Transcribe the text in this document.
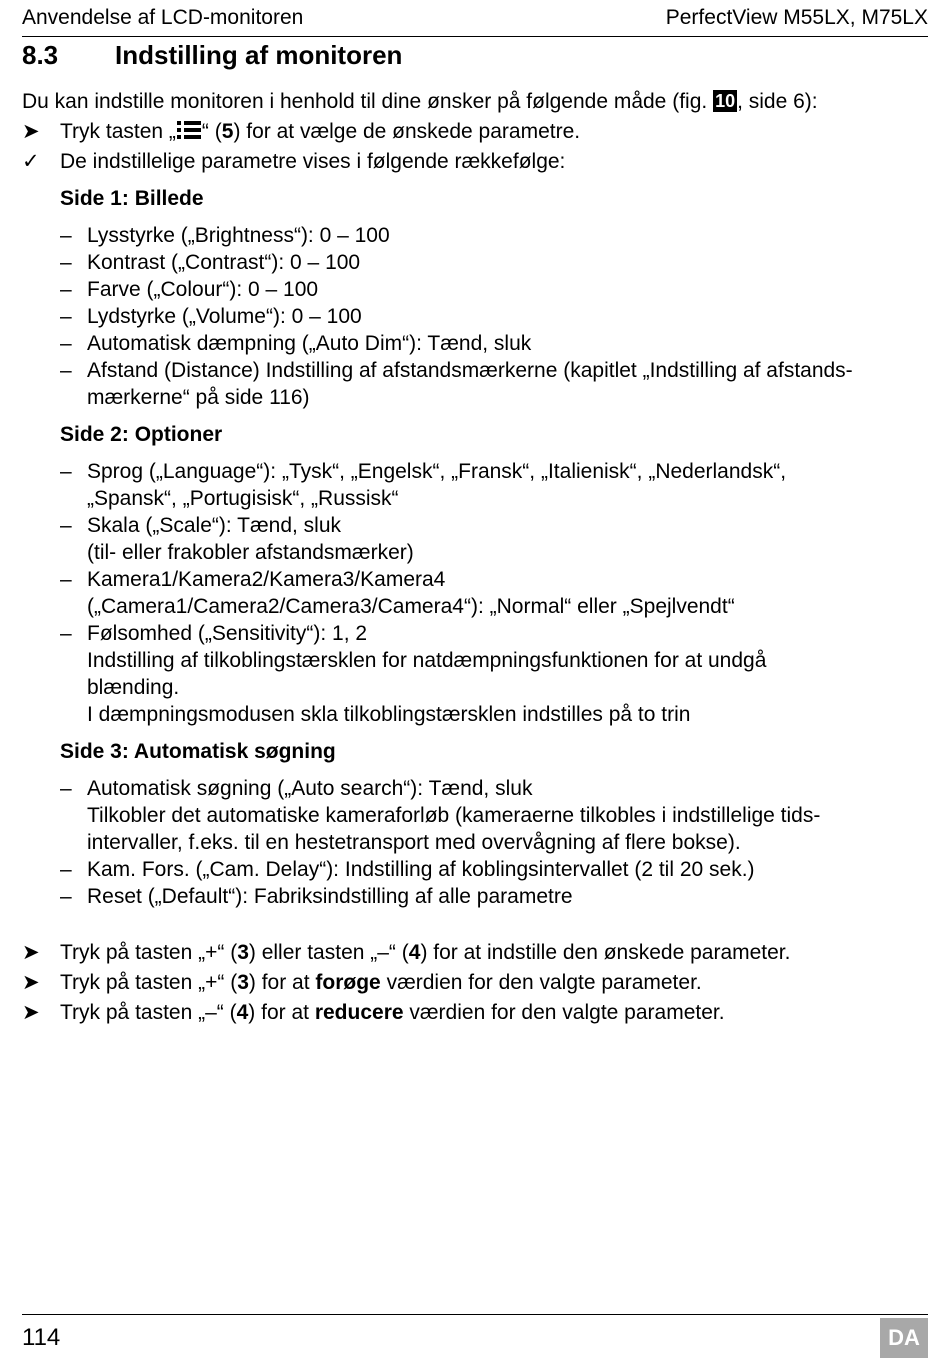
Anvendelse af LCD-monitoren	PerfectView M55LX, M75LX
8.3 Indstilling af monitoren

Du kan indstille monitoren i henhold til dine ønsker på følgende måde (fig. 10, side 6):

➤ Tryk tasten „ “ (5) for at vælge de ønskede parametre.

✓ De indstillelige parametre vises i følgende rækkefølge:

Side 1: Billede

– Lysstyrke („Brightness“): 0 – 100

– Kontrast („Contrast“): 0 – 100

– Farve („Colour“): 0 – 100

– Lydstyrke („Volume“): 0 – 100

– Automatisk dæmpning („Auto Dim“): Tænd, sluk

– Afstand (Distance) Indstilling af afstandsmærkerne (kapitlet „Indstilling af afstands-
mærkerne“ på side 116)

Side 2: Optioner

– Sprog („Language“): „Tysk“, „Engelsk“, „Fransk“, „Italienisk“, „Nederlandsk“,
„Spansk“, „Portugisisk“, „Russisk“

– Skala („Scale“): Tænd, sluk
(til- eller frakobler afstandsmærker)

– Kamera1/Kamera2/Kamera3/Kamera4
(„Camera1/Camera2/Camera3/Camera4“): „Normal“ eller „Spejlvendt“

– Følsomhed („Sensitivity“): 1, 2
Indstilling af tilkoblingstærsklen for natdæmpningsfunktionen for at undgå
blænding.
I dæmpningsmodusen skla tilkoblingstærsklen indstilles på to trin

Side 3: Automatisk søgning

– Automatisk søgning („Auto search“): Tænd, sluk
Tilkobler det automatiske kameraforløb (kameraerne tilkobles i indstillelige tids-
intervaller, f.eks. til en hestetransport med overvågning af flere bokse).

– Kam. Fors. („Cam. Delay“): Indstilling af koblingsintervallet (2 til 20 sek.)

– Reset („Default“): Fabriksindstilling af alle parametre

➤ Tryk på tasten „+“ (3) eller tasten „–“ (4) for at indstille den ønskede parameter.

➤ Tryk på tasten „+“ (3) for at forøge værdien for den valgte parameter.

➤ Tryk på tasten „–“ (4) for at reducere værdien for den valgte parameter.

114	DA
